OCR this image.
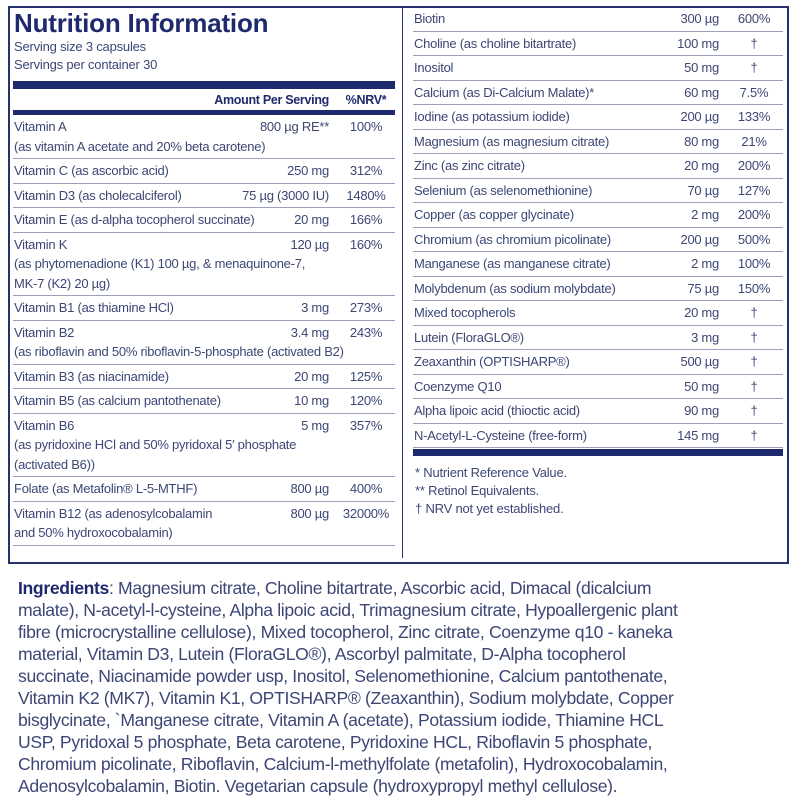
Nutrition Information
Serving size 3 capsules
Servings per container 30
Amount Per Serving	%NRV*
Vitamin A	800 µg RE**	100%
(as vitamin A acetate and 20% beta carotene)
Vitamin C (as ascorbic acid)	250 mg	312%
Vitamin D3 (as cholecalciferol)	75 µg (3000 IU)	1480%
Vitamin E (as d-alpha tocopherol succinate)	20 mg	166%
Vitamin K	120 µg	160%
(as phytomenadione (K1) 100 µg, & menaquinone-7,
MK-7 (K2) 20 µg)
Vitamin B1 (as thiamine HCl)	3 mg	273%
Vitamin B2	3.4 mg	243%
(as riboflavin and 50% riboflavin-5-phosphate (activated B2)
Vitamin B3 (as niacinamide)	20 mg	125%
Vitamin B5 (as calcium pantothenate)	10 mg	120%
Vitamin B6	5 mg	357%
(as pyridoxine HCl and 50% pyridoxal 5′ phosphate
(activated B6))
Folate (as Metafolin® L-5-MTHF)	800 µg	400%
Vitamin B12 (as adenosylcobalamin	800 µg	32000%
and 50% hydroxocobalamin)
Biotin	300 µg	600%
Choline (as choline bitartrate)	100 mg	†
Inositol	50 mg	†
Calcium (as Di-Calcium Malate)*	60 mg	7.5%
Iodine (as potassium iodide)	200 µg	133%
Magnesium (as magnesium citrate)	80 mg	21%
Zinc (as zinc citrate)	20 mg	200%
Selenium (as selenomethionine)	70 µg	127%
Copper (as copper glycinate)	2 mg	200%
Chromium (as chromium picolinate)	200 µg	500%
Manganese (as manganese citrate)	2 mg	100%
Molybdenum (as sodium molybdate)	75 µg	150%
Mixed tocopherols	20 mg	†
Lutein (FloraGLO®)	3 mg	†
Zeaxanthin (OPTISHARP®)	500 µg	†
Coenzyme Q10	50 mg	†
Alpha lipoic acid (thioctic acid)	90 mg	†
N-Acetyl-L-Cysteine (free-form)	145 mg	†
* Nutrient Reference Value.
** Retinol Equivalents.
† NRV not yet established.
Ingredients: Magnesium citrate, Choline bitartrate, Ascorbic acid, Dimacal (dicalcium
malate), N-acetyl-l-cysteine, Alpha lipoic acid, Trimagnesium citrate, Hypoallergenic plant
fibre (microcrystalline cellulose), Mixed tocopherol, Zinc citrate, Coenzyme q10 - kaneka
material, Vitamin D3, Lutein (FloraGLO®), Ascorbyl palmitate, D-Alpha tocopherol
succinate, Niacinamide powder usp, Inositol, Selenomethionine, Calcium pantothenate,
Vitamin K2 (MK7), Vitamin K1, OPTISHARP® (Zeaxanthin), Sodium molybdate, Copper
bisglycinate, `Manganese citrate, Vitamin A (acetate), Potassium iodide, Thiamine HCL
USP, Pyridoxal 5 phosphate, Beta carotene, Pyridoxine HCL, Riboflavin 5 phosphate,
Chromium picolinate, Riboflavin, Calcium-l-methylfolate (metafolin), Hydroxocobalamin,
Adenosylcobalamin, Biotin. Vegetarian capsule (hydroxypropyl methyl cellulose).
